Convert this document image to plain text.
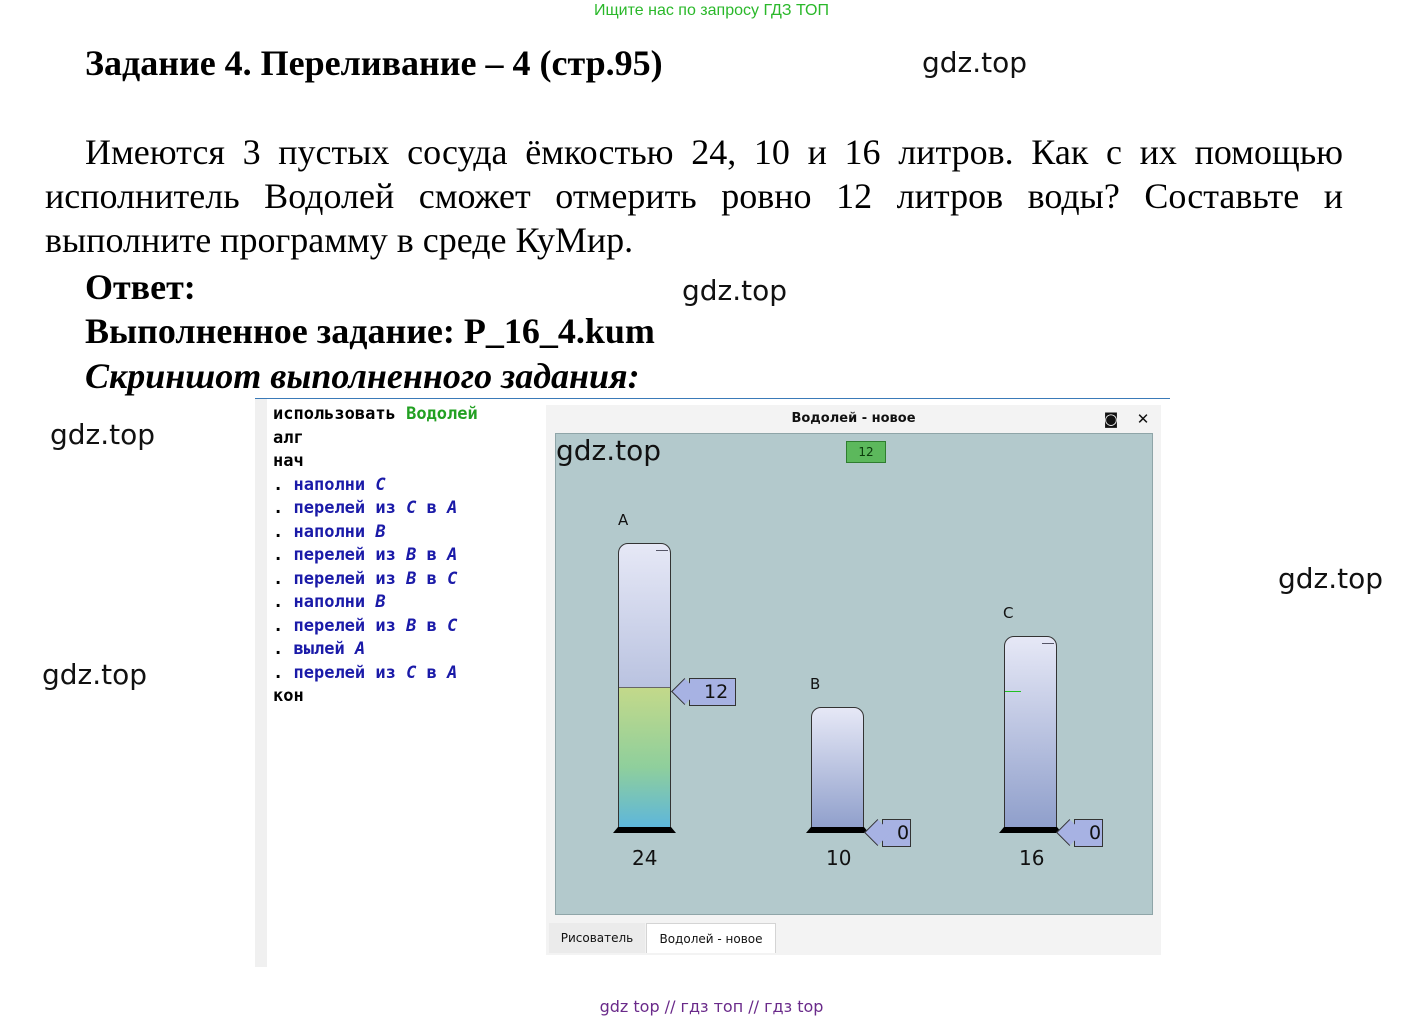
Ищите нас по запросу ГДЗ ТОП
Задание 4. Переливание – 4 (стр.95)	gdz.top
Имеются 3 пустых сосуда ёмкостью 24, 10 и 16 литров. Как с их помощью исполнитель Водолей сможет отмерить ровно 12 литров воды? Составьте и выполните программу в среде КуМир.
Ответ:	gdz.top
Выполненное задание: P_16_4.kum
Скриншот выполненного задания:
gdz.top
gdz.top
gdz.top
использовать Водолей
алг
нач
. наполни C
. перелей из C в A
. наполни B
. перелей из B в A
. перелей из B в C
. наполни B
. перелей из B в C
. вылей A
. перелей из C в A
кон
Водолей - новое	◙ ✕
12
A
12
24
B
0
10
C
0
16
gdz.top
Рисователь	Водолей - новое
gdz top // гдз топ // гдз top
